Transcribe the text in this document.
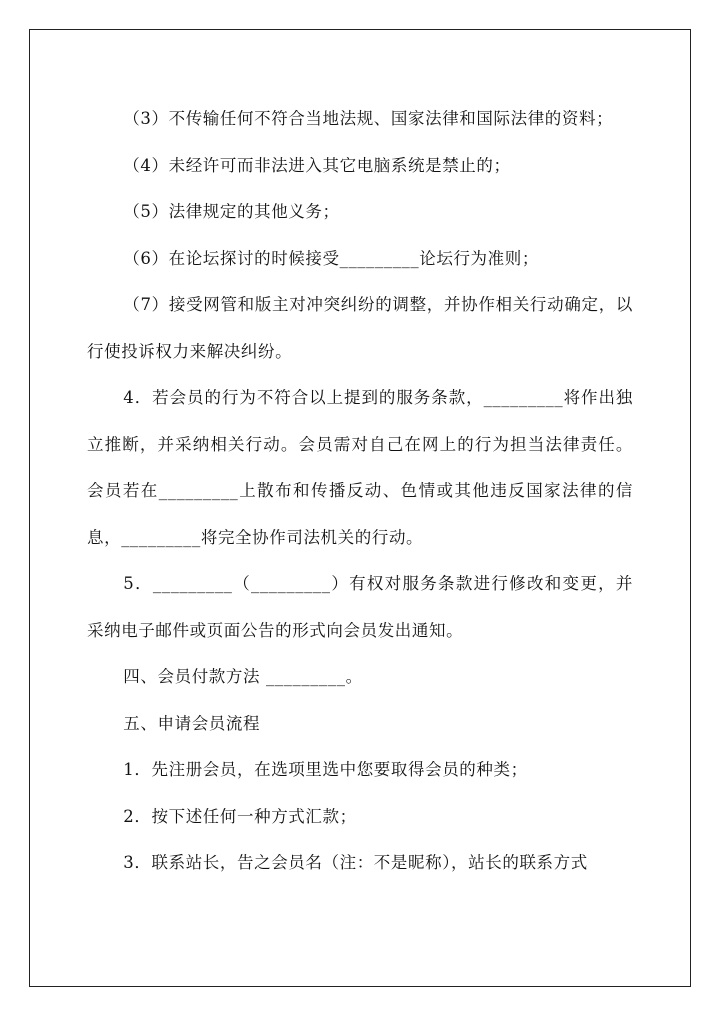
（3）不传输任何不符合当地法规、国家法律和国际法律的资料；

（4）未经许可而非法进入其它电脑系统是禁止的；

（5）法律规定的其他义务；

（6）在论坛探讨的时候接受_________论坛行为准则；

（7）接受网管和版主对冲突纠纷的调整，并协作相关行动确定，以行使投诉权力来解决纠纷。

4．若会员的行为不符合以上提到的服务条款，_________将作出独立推断，并采纳相关行动。会员需对自己在网上的行为担当法律责任。会员若在_________上散布和传播反动、色情或其他违反国家法律的信息，_________将完全协作司法机关的行动。

5．_________（_________）有权对服务条款进行修改和变更，并采纳电子邮件或页面公告的形式向会员发出通知。

四、会员付款方法 _________。

五、申请会员流程

1．先注册会员，在选项里选中您要取得会员的种类；

2．按下述任何一种方式汇款；

3．联系站长，告之会员名（注：不是昵称），站长的联系方式
